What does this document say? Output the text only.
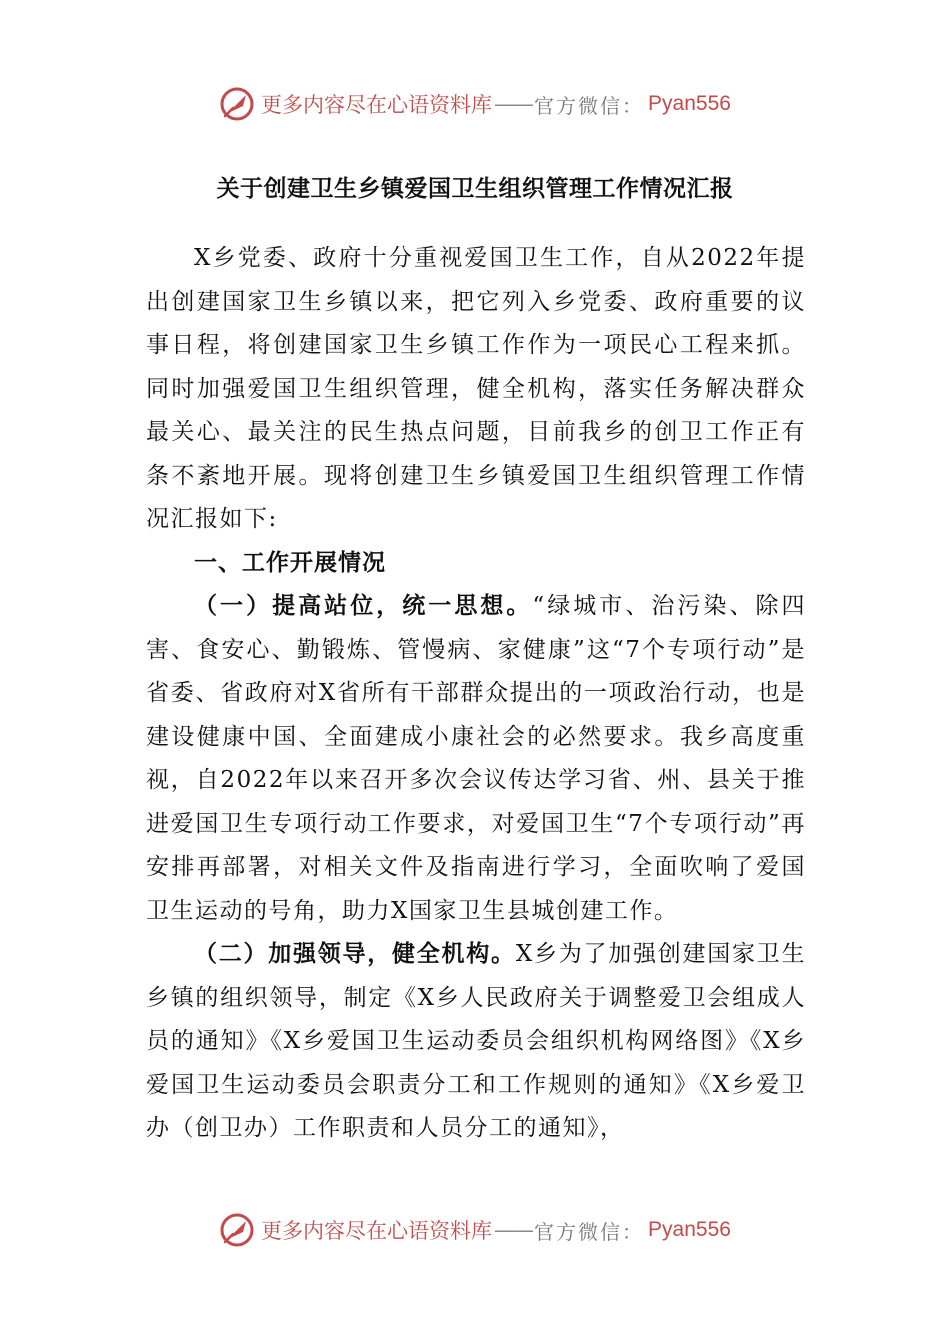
更多内容尽在心语资料库 —— 官方微信： Pyan556
关于创建卫生乡镇爱国卫生组织管理工作情况汇报

X乡党委、政府十分重视爱国卫生工作，自从2022年提出创建国家卫生乡镇以来，把它列入乡党委、政府重要的议事日程，将创建国家卫生乡镇工作作为一项民心工程来抓。同时加强爱国卫生组织管理，健全机构，落实任务解决群众最关心、最关注的民生热点问题，目前我乡的创卫工作正有条不紊地开展。现将创建卫生乡镇爱国卫生组织管理工作情况汇报如下:

一、工作开展情况

（一）提高站位，统一思想。“绿城市、治污染、除四害、食安心、勤锻炼、管慢病、家健康”这“7个专项行动”是省委、省政府对X省所有干部群众提出的一项政治行动，也是建设健康中国、全面建成小康社会的必然要求。我乡高度重视，自2022年以来召开多次会议传达学习省、州、县关于推进爱国卫生专项行动工作要求，对爱国卫生“7个专项行动”再安排再部署，对相关文件及指南进行学习，全面吹响了爱国卫生运动的号角，助力X国家卫生县城创建工作。

（二）加强领导，健全机构。X乡为了加强创建国家卫生乡镇的组织领导，制定《X乡人民政府关于调整爱卫会组成人员的通知》《X乡爱国卫生运动委员会组织机构网络图》《X乡爱国卫生运动委员会职责分工和工作规则的通知》《X乡爱卫办（创卫办）工作职责和人员分工的通知》，

更多内容尽在心语资料库 —— 官方微信： Pyan556
